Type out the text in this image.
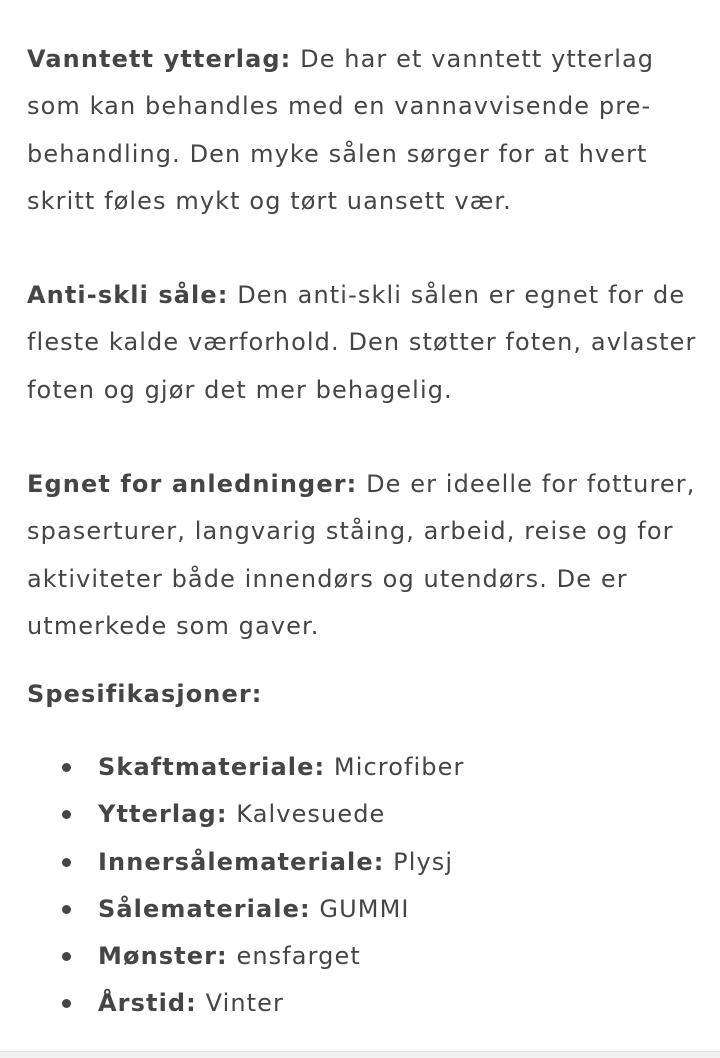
Vanntett ytterlag: De har et vanntett ytterlag som kan behandles med en vannavvisende pre-behandling. Den myke sålen sørger for at hvert skritt føles mykt og tørt uansett vær.

Anti-skli såle: Den anti-skli sålen er egnet for de fleste kalde værforhold. Den støtter foten, avlaster foten og gjør det mer behagelig.

Egnet for anledninger: De er ideelle for fotturer, spaserturer, langvarig ståing, arbeid, reise og for aktiviteter både innendørs og utendørs. De er utmerkede som gaver.

Spesifikasjoner:
Skaftmateriale: Microfiber
Ytterlag: Kalvesuede
Innersålemateriale: Plysj
Sålemateriale: GUMMI
Mønster: ensfarget
Årstid: Vinter
